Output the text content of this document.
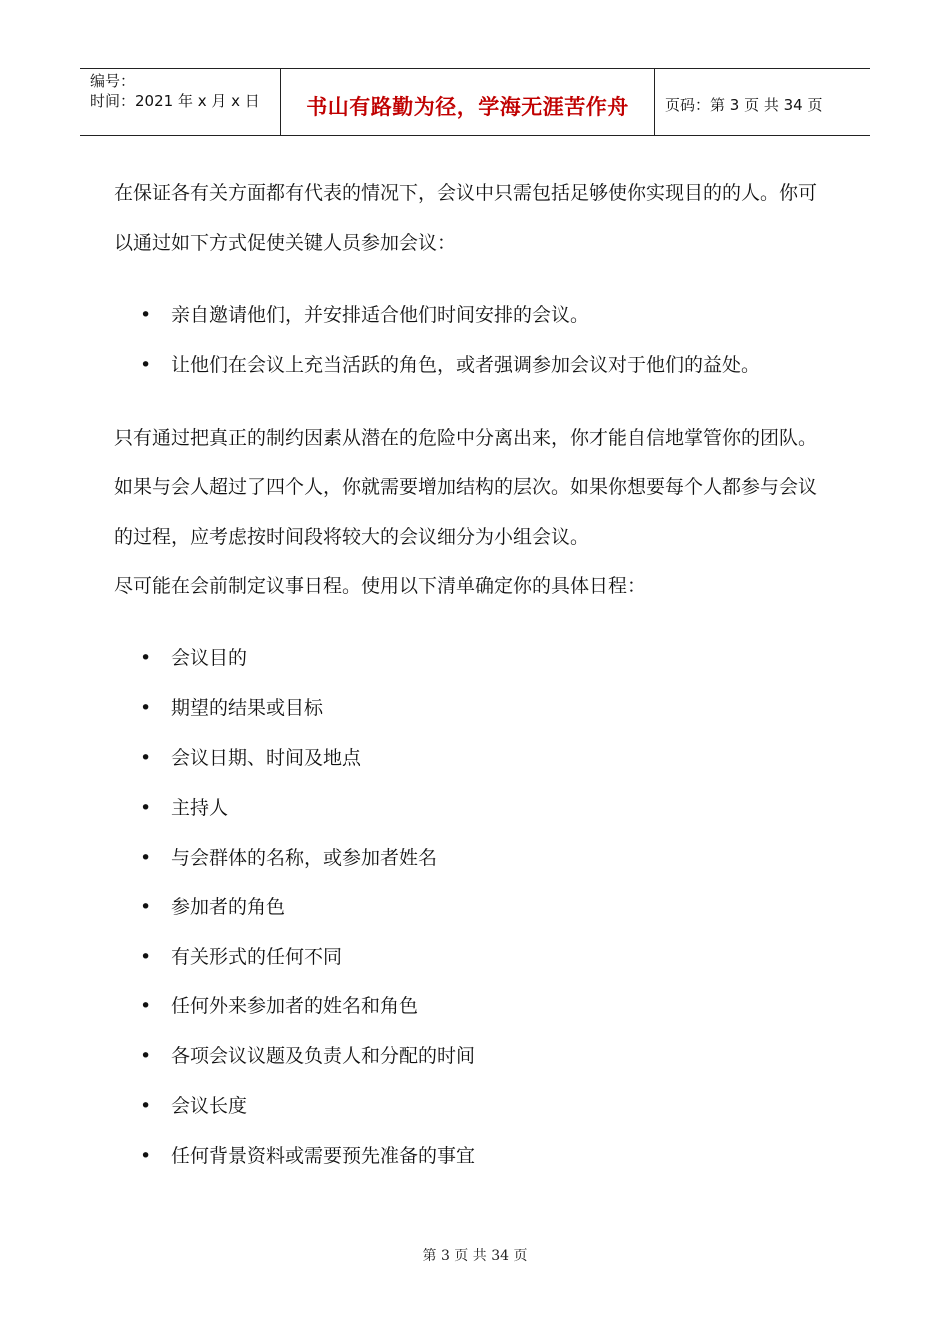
编号：
时间：2021 年 x 月 x 日	书山有路勤为径，学海无涯苦作舟	页码：第 3 页 共 34 页
在保证各有关方面都有代表的情况下，会议中只需包括足够使你实现目的的人。你可
以通过如下方式促使关键人员参加会议：
• 亲自邀请他们，并安排适合他们时间安排的会议。
• 让他们在会议上充当活跃的角色，或者强调参加会议对于他们的益处。
只有通过把真正的制约因素从潜在的危险中分离出来，你才能自信地掌管你的团队。
如果与会人超过了四个人，你就需要增加结构的层次。如果你想要每个人都参与会议
的过程，应考虑按时间段将较大的会议细分为小组会议。
尽可能在会前制定议事日程。使用以下清单确定你的具体日程：
• 会议目的
• 期望的结果或目标
• 会议日期、时间及地点
• 主持人
• 与会群体的名称，或参加者姓名
• 参加者的角色
• 有关形式的任何不同
• 任何外来参加者的姓名和角色
• 各项会议议题及负责人和分配的时间
• 会议长度
• 任何背景资料或需要预先准备的事宜
第 3 页 共 34 页
